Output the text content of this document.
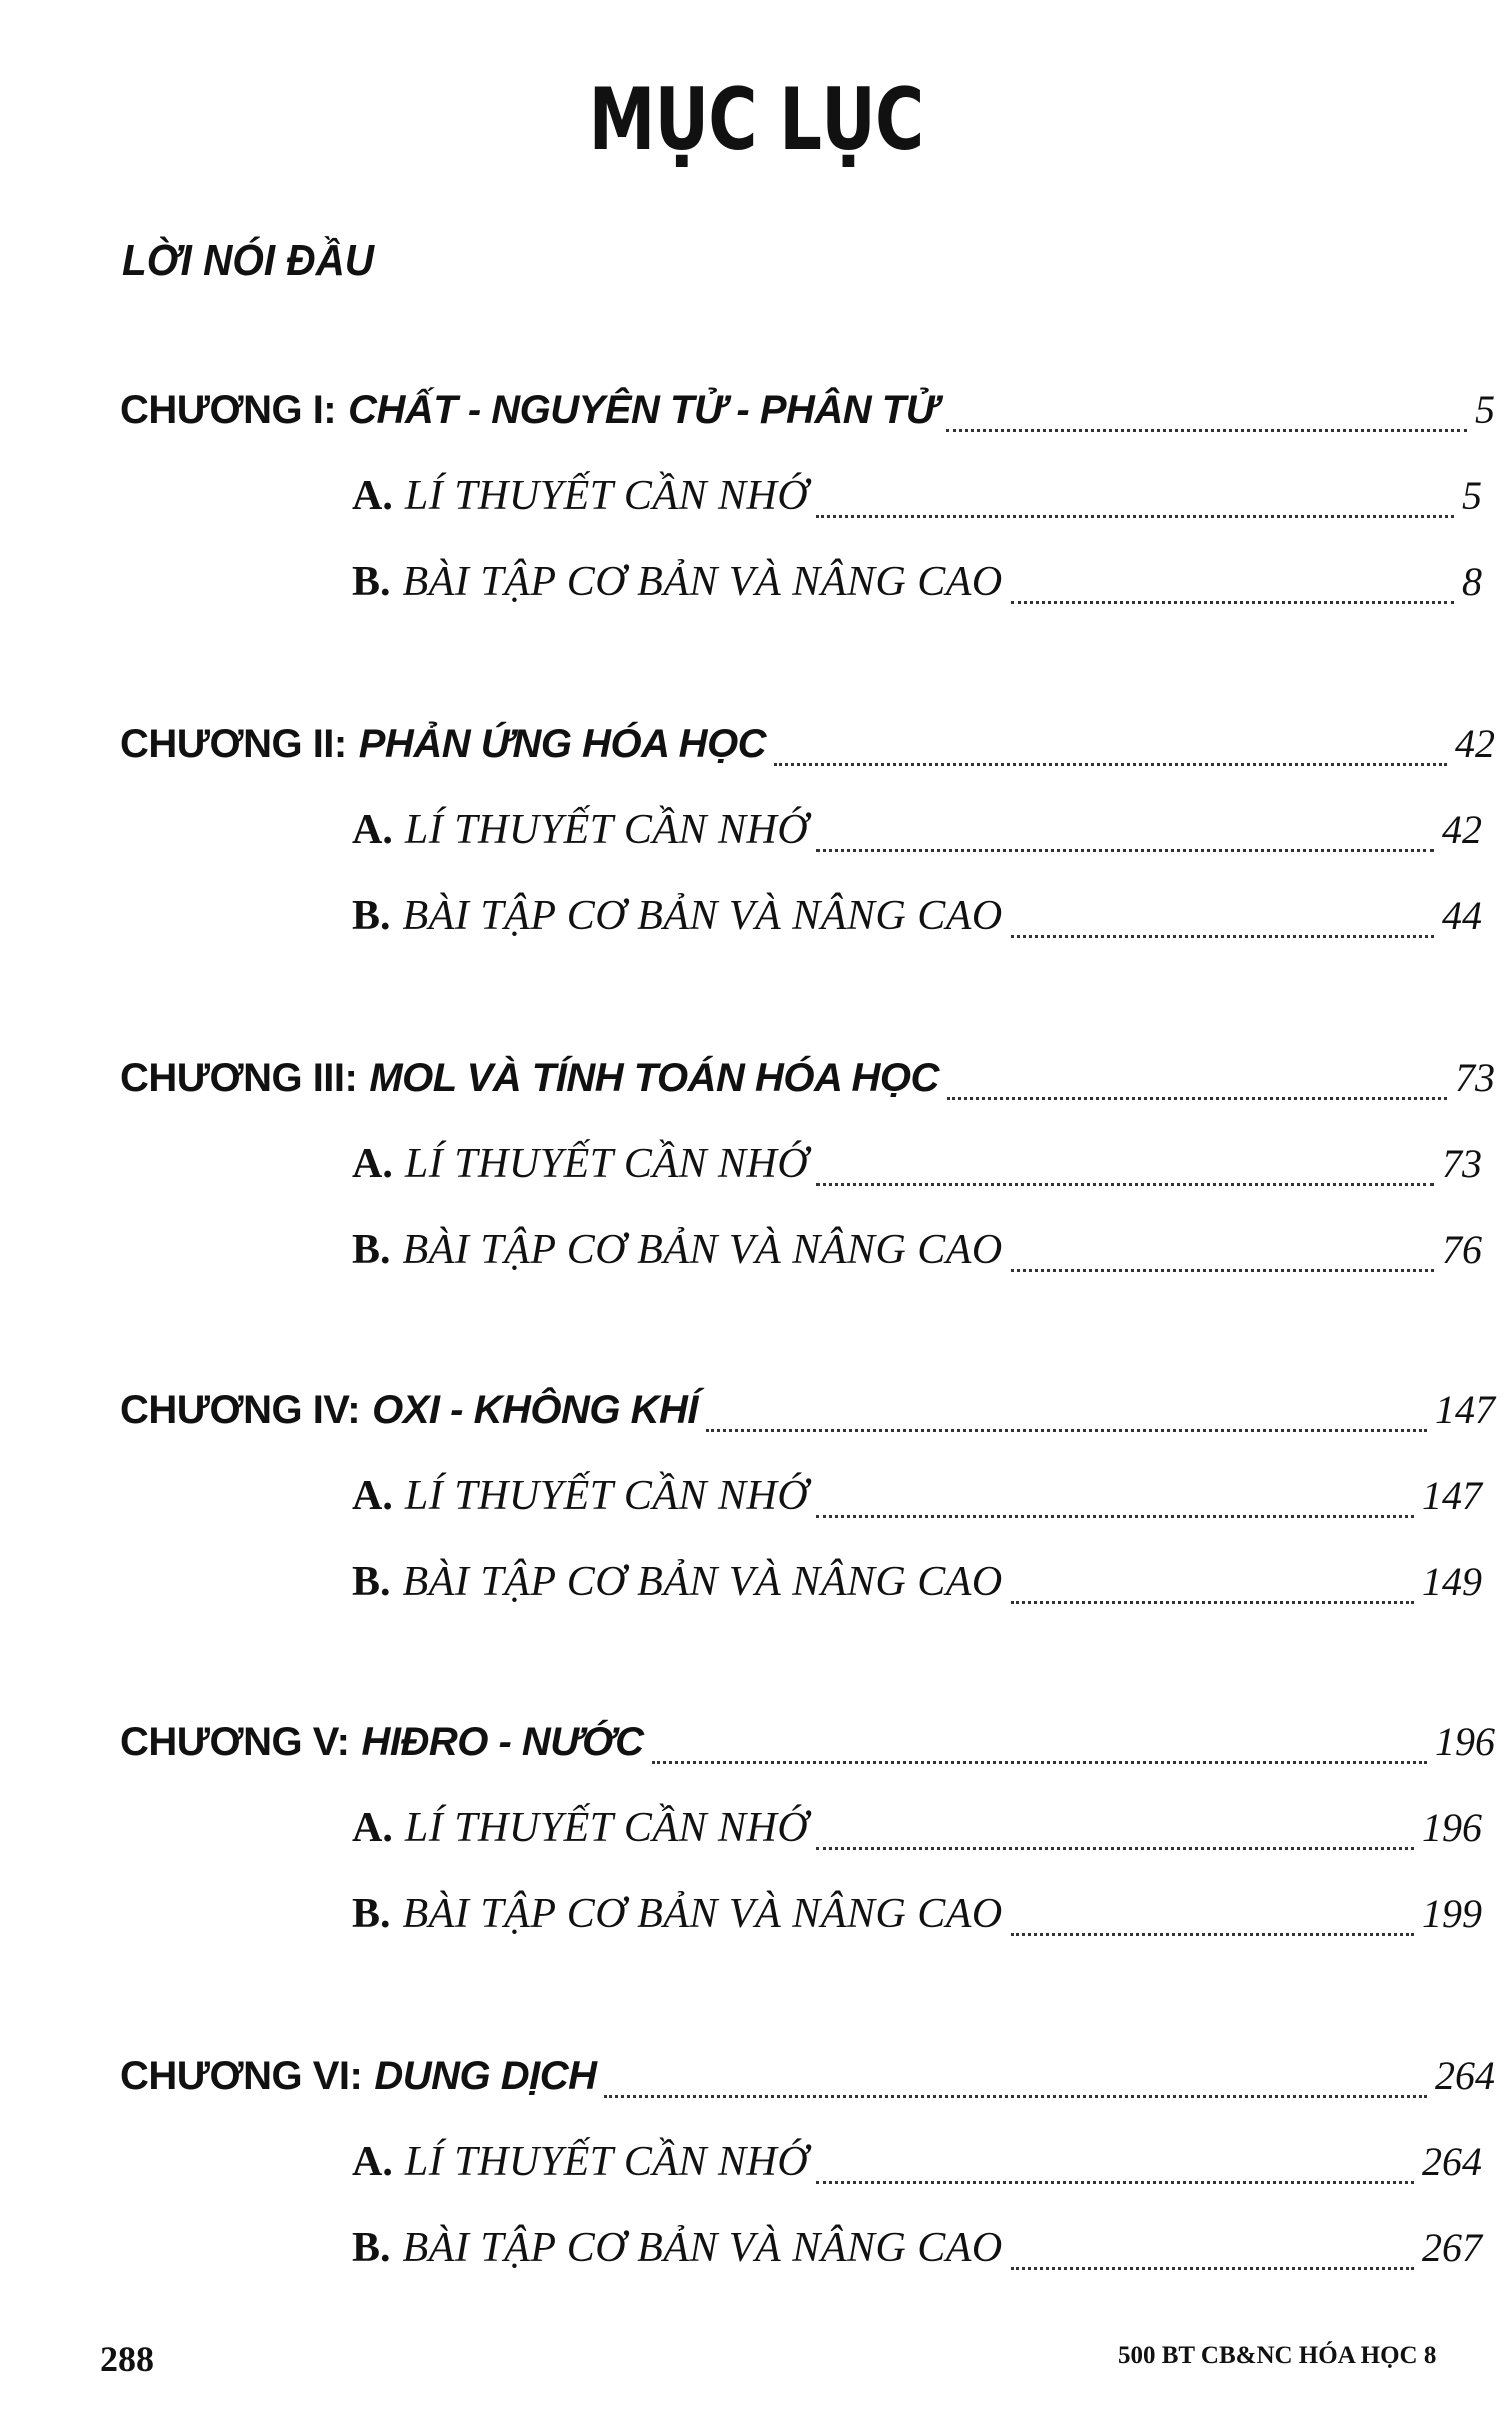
MỤC LỤC
LỜI NÓI ĐẦU
CHƯƠNG I: CHẤT - NGUYÊN TỬ - PHÂN TỬ	5
A. LÍ THUYẾT CẦN NHỚ	5
B. BÀI TẬP CƠ BẢN VÀ NÂNG CAO	8
CHƯƠNG II: PHẢN ỨNG HÓA HỌC	42
A. LÍ THUYẾT CẦN NHỚ	42
B. BÀI TẬP CƠ BẢN VÀ NÂNG CAO	44
CHƯƠNG III: MOL VÀ TÍNH TOÁN HÓA HỌC	73
A. LÍ THUYẾT CẦN NHỚ	73
B. BÀI TẬP CƠ BẢN VÀ NÂNG CAO	76
CHƯƠNG IV: OXI - KHÔNG KHÍ	147
A. LÍ THUYẾT CẦN NHỚ	147
B. BÀI TẬP CƠ BẢN VÀ NÂNG CAO	149
CHƯƠNG V: HIĐRO - NƯỚC	196
A. LÍ THUYẾT CẦN NHỚ	196
B. BÀI TẬP CƠ BẢN VÀ NÂNG CAO	199
CHƯƠNG VI: DUNG DỊCH	264
A. LÍ THUYẾT CẦN NHỚ	264
B. BÀI TẬP CƠ BẢN VÀ NÂNG CAO	267
288	500 BT CB&NC HÓA HỌC 8
